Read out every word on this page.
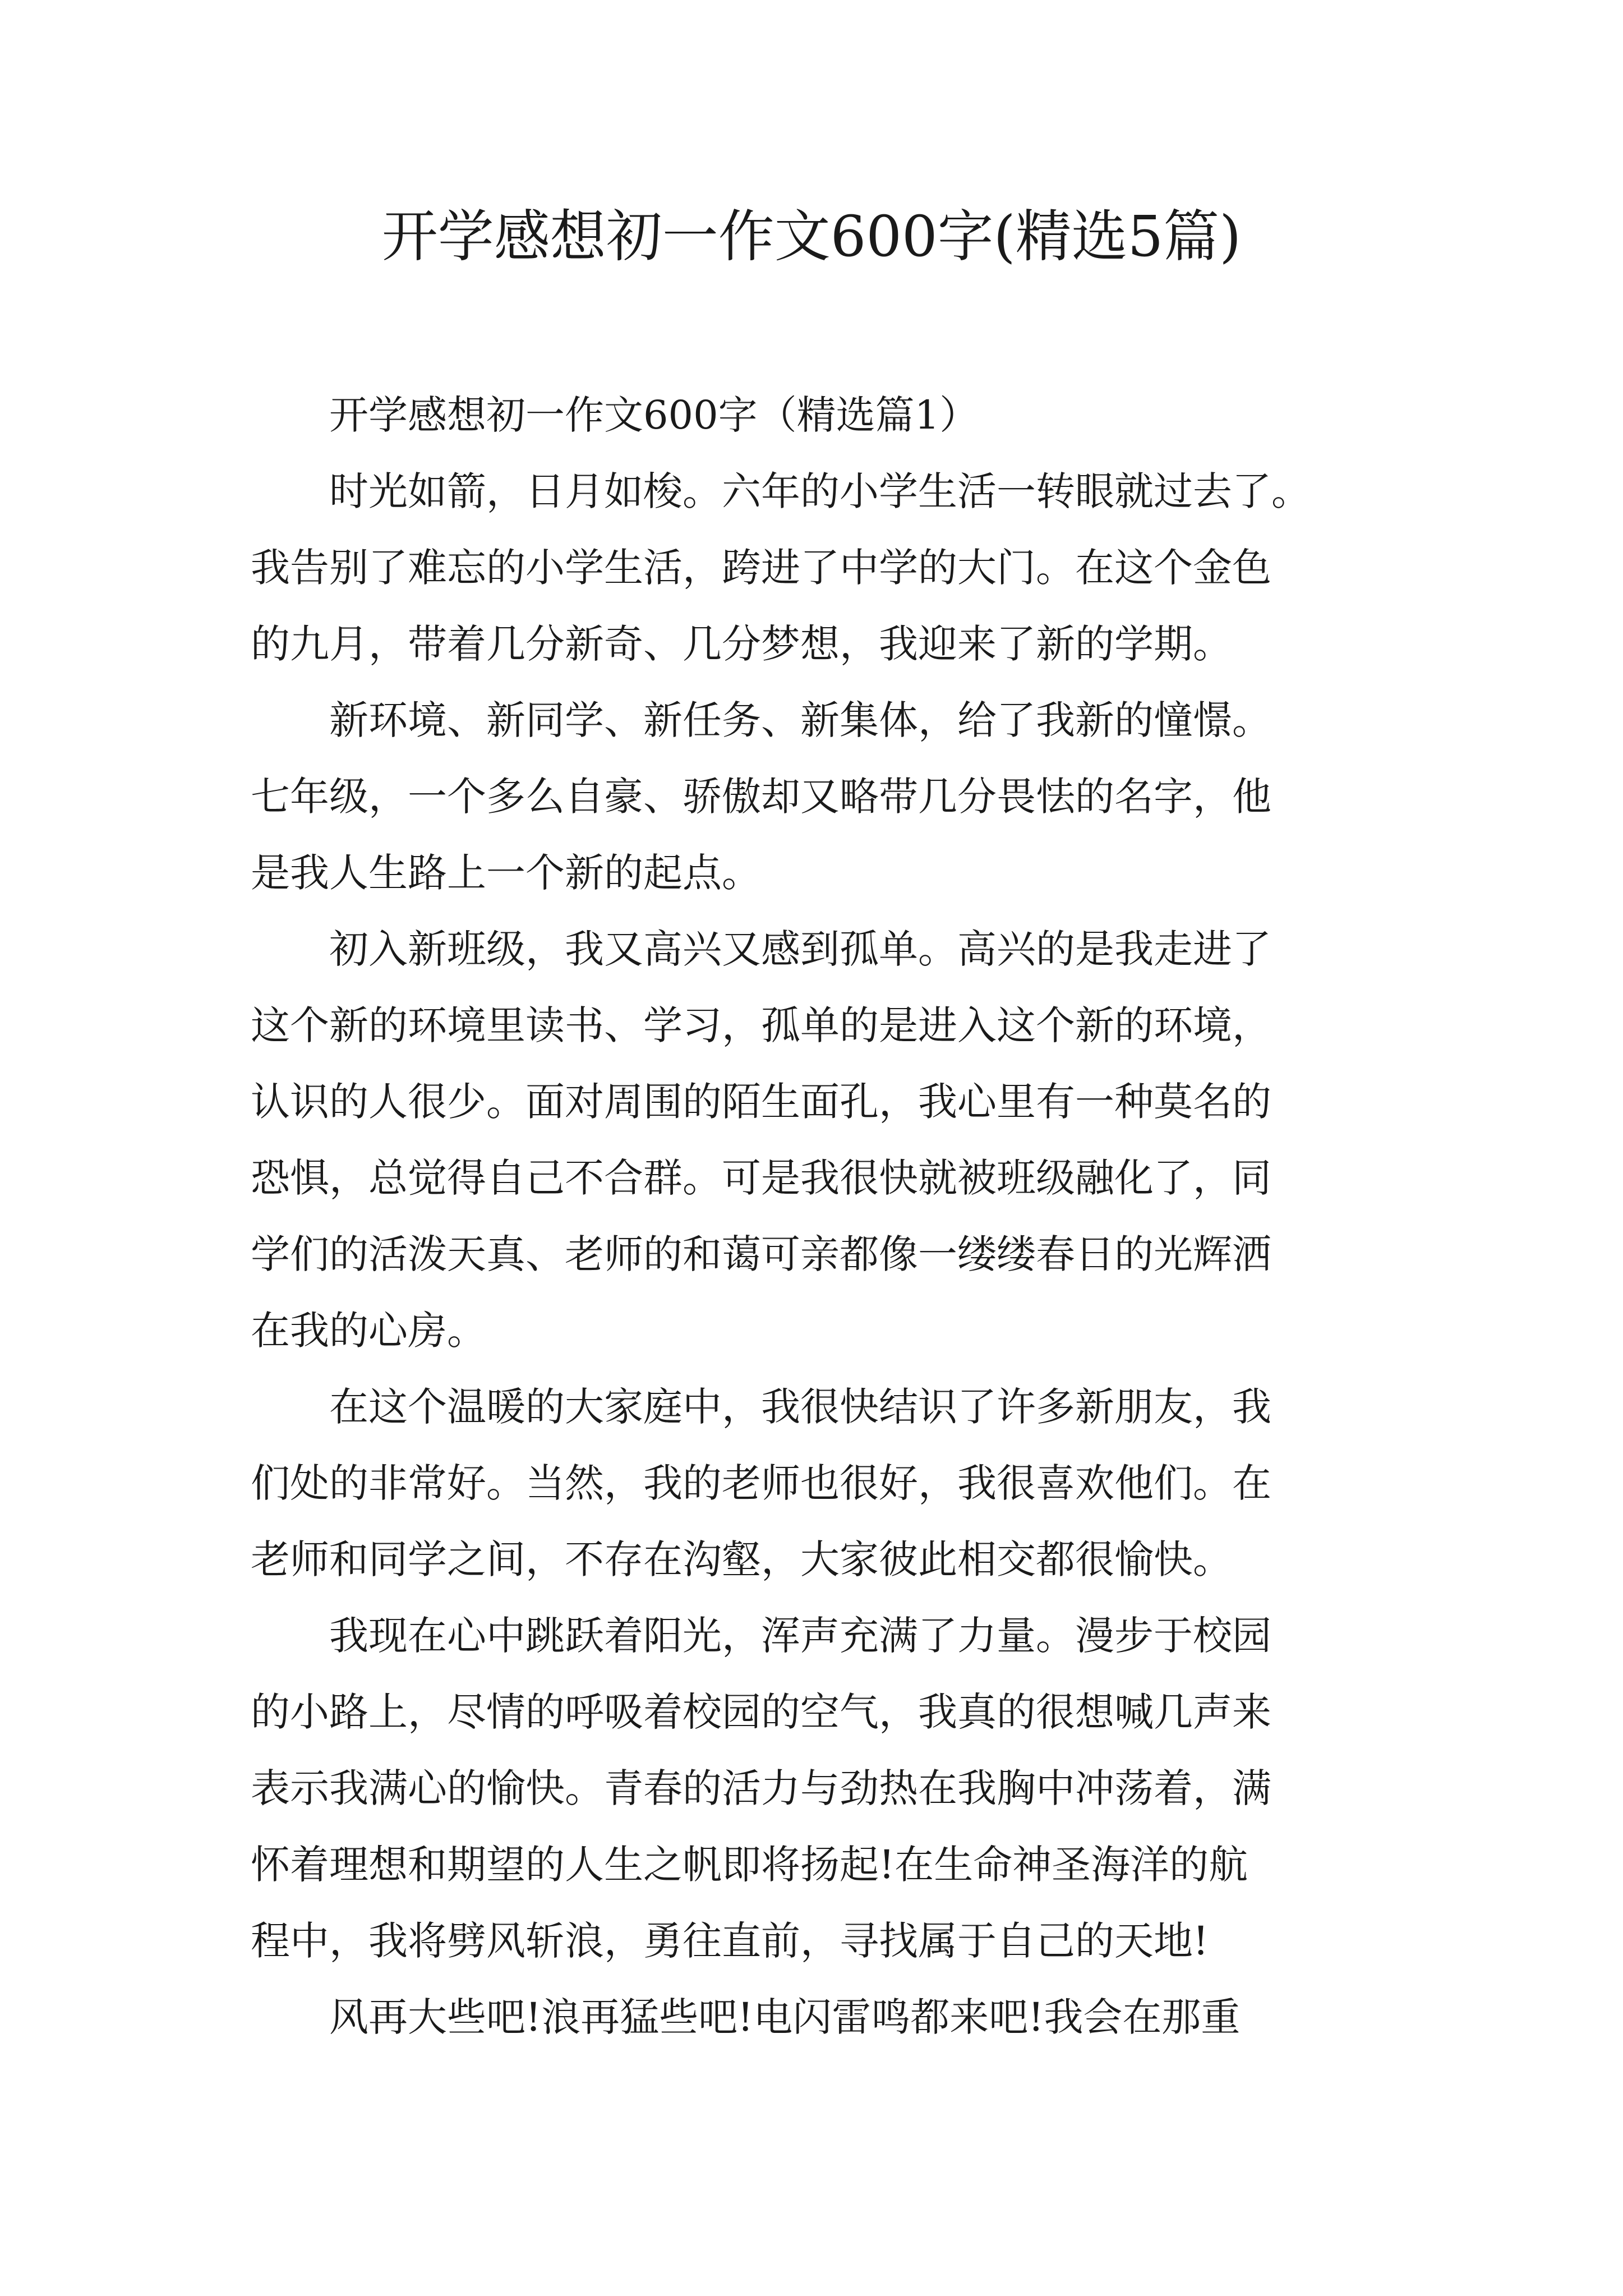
开学感想初一作文600字(精选5篇)

　　开学感想初一作文600字（精选篇1）

　　时光如箭，日月如梭。六年的小学生活一转眼就过去了。

我告别了难忘的小学生活，跨进了中学的大门。在这个金色

的九月，带着几分新奇、几分梦想，我迎来了新的学期。

　　新环境、新同学、新任务、新集体，给了我新的憧憬。

七年级，一个多么自豪、骄傲却又略带几分畏怯的名字，他

是我人生路上一个新的起点。

　　初入新班级，我又高兴又感到孤单。高兴的是我走进了

这个新的环境里读书、学习，孤单的是进入这个新的环境，

认识的人很少。面对周围的陌生面孔，我心里有一种莫名的

恐惧，总觉得自己不合群。可是我很快就被班级融化了，同

学们的活泼天真、老师的和蔼可亲都像一缕缕春日的光辉洒

在我的心房。

　　在这个温暖的大家庭中，我很快结识了许多新朋友，我

们处的非常好。当然，我的老师也很好，我很喜欢他们。在

老师和同学之间，不存在沟壑，大家彼此相交都很愉快。

　　我现在心中跳跃着阳光，浑声充满了力量。漫步于校园

的小路上，尽情的呼吸着校园的空气，我真的很想喊几声来

表示我满心的愉快。青春的活力与劲热在我胸中冲荡着，满

怀着理想和期望的人生之帆即将扬起!在生命神圣海洋的航

程中，我将劈风斩浪，勇往直前，寻找属于自己的天地!

　　风再大些吧!浪再猛些吧!电闪雷鸣都来吧!我会在那重
